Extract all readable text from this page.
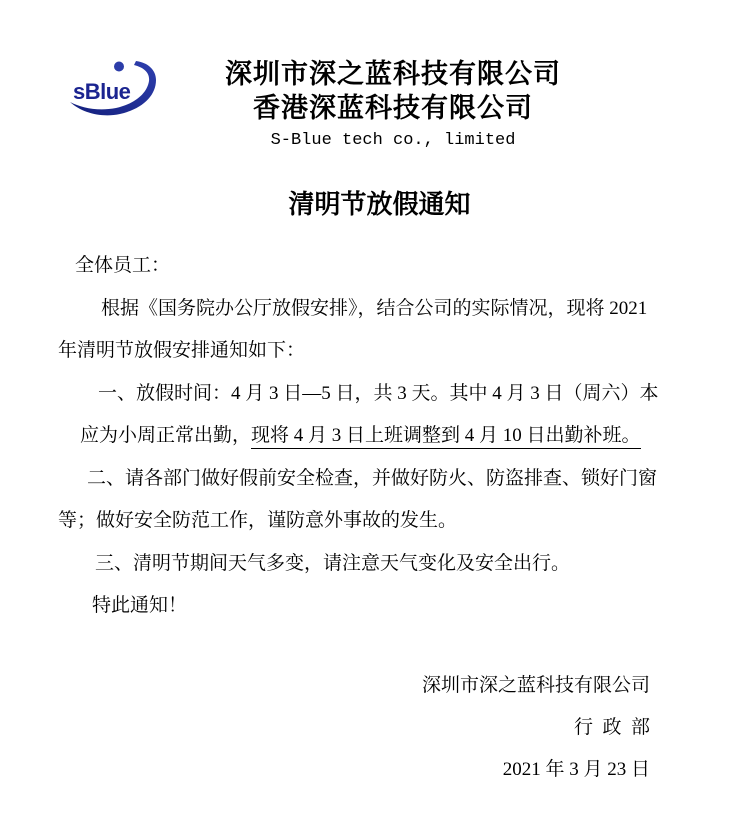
sBlue
深圳市深之蓝科技有限公司
香港深蓝科技有限公司
S-Blue tech co., limited
清明节放假通知
全体员工：
根据《国务院办公厅放假安排》，结合公司的实际情况，现将 2021
年清明节放假安排通知如下：
一、放假时间：4 月 3 日—5 日，共 3 天。其中 4 月 3 日（周六）本
应为小周正常出勤，现将 4 月 3 日上班调整到 4 月 10 日出勤补班。
二、请各部门做好假前安全检查，并做好防火、防盗排查、锁好门窗
等；做好安全防范工作，谨防意外事故的发生。
三、清明节期间天气多变，请注意天气变化及安全出行。
特此通知！
深圳市深之蓝科技有限公司
行  政  部
2021 年 3 月 23 日
